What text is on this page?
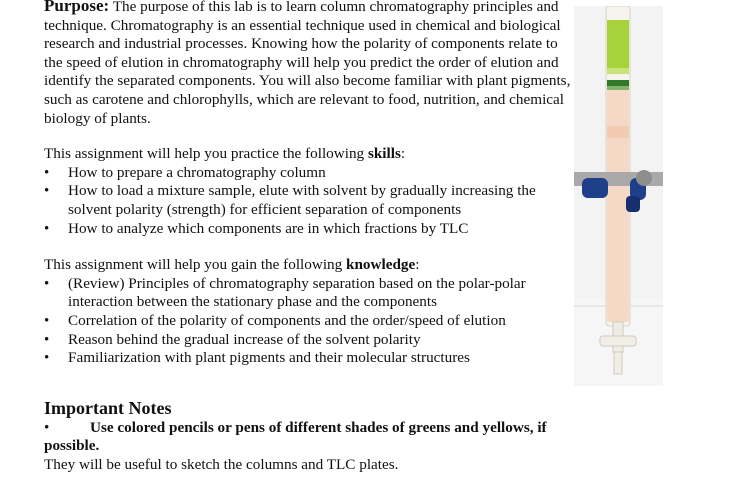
Purpose: The purpose of this lab is to learn column chromatography principles and technique. Chromatography is an essential technique used in chemical and biological research and industrial processes. Knowing how the polarity of components relate to the speed of elution in chromatography will help you predict the order of elution and identify the separated components. You will also become familiar with plant pigments, such as carotene and chlorophylls, which are relevant to food, nutrition, and chemical biology of plants.

This assignment will help you practice the following skills:

•	How to prepare a chromatography column
•	How to load a mixture sample, elute with solvent by gradually increasing the solvent polarity (strength) for efficient separation of components
•	How to analyze which components are in which fractions by TLC

This assignment will help you gain the following knowledge:

•	(Review) Principles of chromatography separation based on the polar-polar interaction between the stationary phase and the components
•	Correlation of the polarity of components and the order/speed of elution
•	Reason behind the gradual increase of the solvent polarity
•	Familiarization with plant pigments and their molecular structures
Important Notes
•	Use colored pencils or pens of different shades of greens and yellows, if possible.
They will be useful to sketch the columns and TLC plates.
